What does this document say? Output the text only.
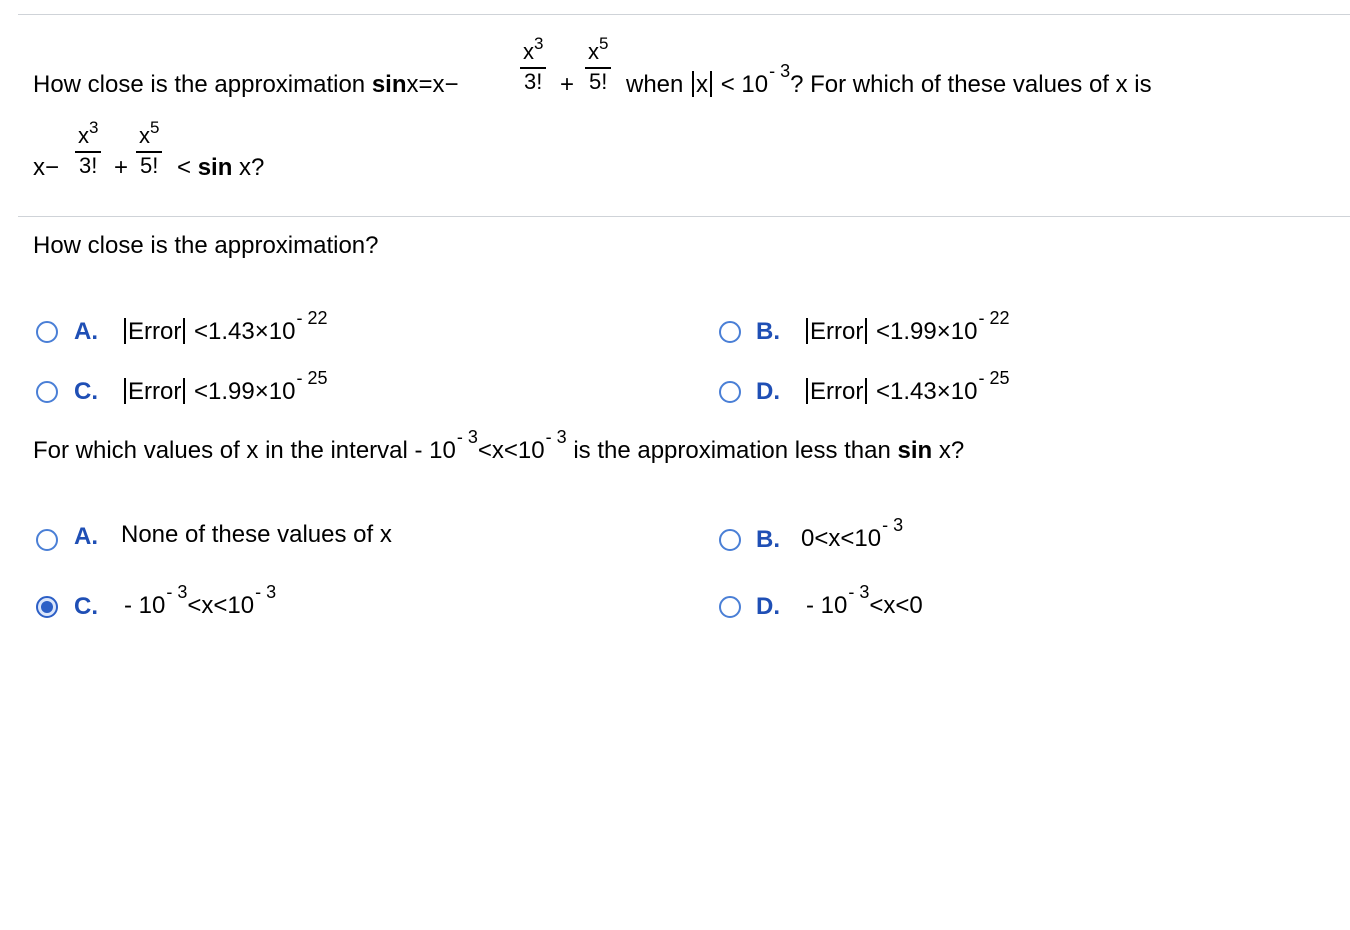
How close is the approximation sinx=x−	$\frac{x^3}{3!} + \frac{x^5}{5!}$ when $x < 10^{- 3}$? For which of these values of x is
$x- \frac{x^3}{3!} + \frac{x^5}{5!} < \sin x$?
How close is the approximation?
A. Error $<1.43\times 10^{- 22}$	B. Error $<1.99\times 10^{- 22}$
C. Error $<1.99\times 10^{- 25}$	D. Error $<1.43\times 10^{- 25}$
For which values of x in the interval - $10^{- 3}<x<10^{- 3}$ is the approximation less than sin x?
A. None of these values of x	B. $0<x<10^{- 3}$
C. - $10^{- 3}<x<10^{- 3}$
D. - $10^{- 3}<x<0$
